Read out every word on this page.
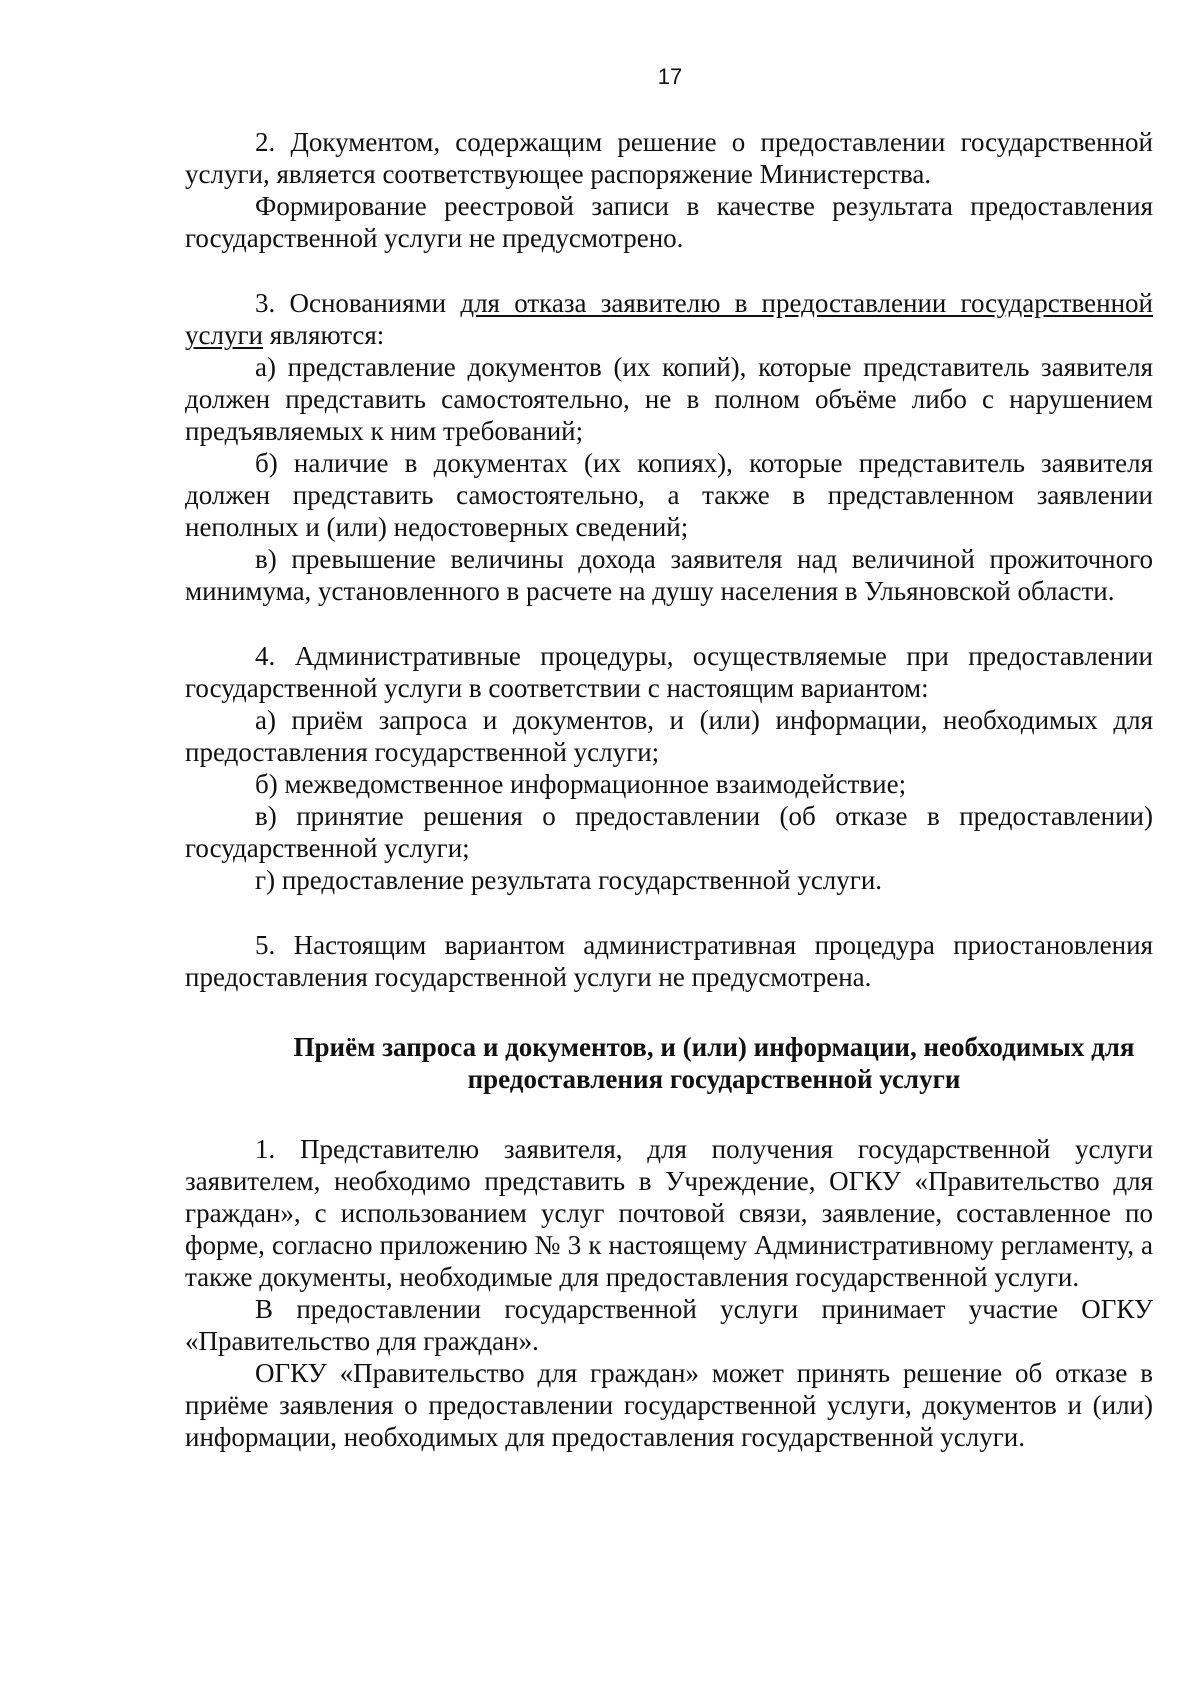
17

2. Документом, содержащим решение о предоставлении государственной услуги, является соответствующее распоряжение Министерства.

Формирование реестровой записи в качестве результата предоставления государственной услуги не предусмотрено.

3. Основаниями для отказа заявителю в предоставлении государственной услуги являются:

а) представление документов (их копий), которые представитель заявителя должен представить самостоятельно, не в полном объёме либо с нарушением предъявляемых к ним требований;

б) наличие в документах (их копиях), которые представитель заявителя должен представить самостоятельно, а также в представленном заявлении неполных и (или) недостоверных сведений;

в) превышение величины дохода заявителя над величиной прожиточного минимума, установленного в расчете на душу населения в Ульяновской области.

4. Административные процедуры, осуществляемые при предоставлении государственной услуги в соответствии с настоящим вариантом:

а) приём запроса и документов, и (или) информации, необходимых для предоставления государственной услуги;

б) межведомственное информационное взаимодействие;

в) принятие решения о предоставлении (об отказе в предоставлении) государственной услуги;

г) предоставление результата государственной услуги.

5. Настоящим вариантом административная процедура приостановления предоставления государственной услуги не предусмотрена.

Приём запроса и документов, и (или) информации, необходимых для
предоставления государственной услуги

1. Представителю заявителя, для получения государственной услуги заявителем, необходимо представить в Учреждение, ОГКУ «Правительство для граждан», с использованием услуг почтовой связи, заявление, составленное по форме, согласно приложению № 3 к настоящему Административному регламенту, а также документы, необходимые для предоставления государственной услуги.

В предоставлении государственной услуги принимает участие ОГКУ «Правительство для граждан».

ОГКУ «Правительство для граждан» может принять решение об отказе в приёме заявления о предоставлении государственной услуги, документов и (или) информации, необходимых для предоставления государственной услуги.
